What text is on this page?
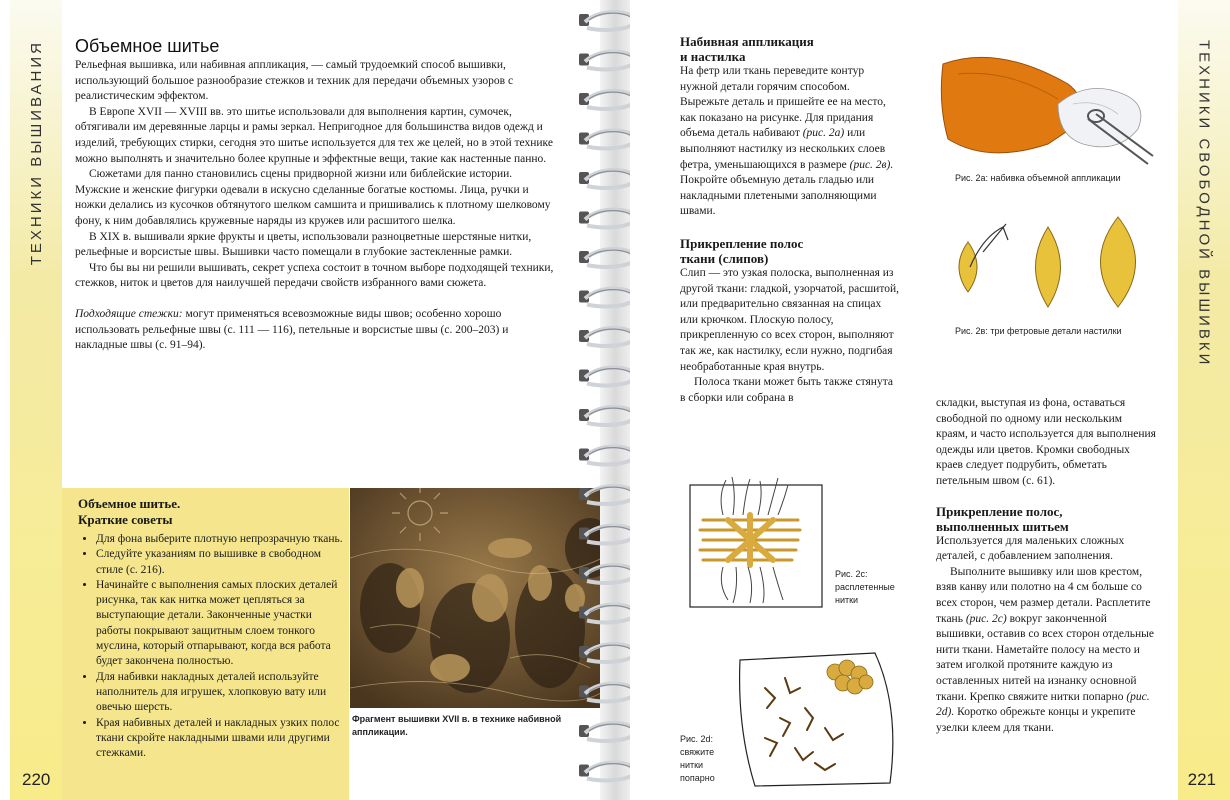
ТЕХНИКИ ВЫШИВАНИЯ
220
Объемное шитье

Рельефная вышивка, или набивная аппликация, — самый трудоемкий способ вышивки, использующий большое разнообразие стежков и техник для передачи объемных узоров с реалистическим эффектом.

В Европе XVII — XVIII вв. это шитье использовали для выполнения картин, сумочек, обтягивали им деревянные ларцы и рамы зеркал. Непригодное для большинства видов одежд и изделий, требующих стирки, сегодня это шитье используется для тех же целей, но в этой технике можно выполнять и значительно более крупные и эффектные вещи, такие как настенные панно.

Сюжетами для панно становились сцены придворной жизни или библейские истории. Мужские и женские фигурки одевали в искусно сделанные богатые костюмы. Лица, ручки и ножки делались из кусочков обтянутого шелком самшита и пришивались к плотному шелковому фону, к ним добавлялись кружевные наряды из кружев или расшитого шелка.

В XIX в. вышивали яркие фрукты и цветы, использовали разноцветные шерстяные нитки, рельефные и ворсистые швы. Вышивки часто помещали в глубокие застекленные рамки.

Что бы вы ни решили вышивать, секрет успеха состоит в точном выборе подходящей техники, стежков, ниток и цветов для наилучшей передачи свойств избранного вами сюжета.

Подходящие стежки: могут применяться всевозможные виды швов; особенно хорошо использовать рельефные швы (с. 111 — 116), петельные и ворсистые швы (с. 200–203) и накладные швы (с. 91–94).

Объемное шитье.
Краткие советы
• Для фона выберите плотную непрозрачную ткань.
• Следуйте указаниям по вышивке в свободном стиле (с. 216).
• Начинайте с выполнения самых плоских деталей рисунка, так как нитка может цепляться за выступающие детали. Законченные участки работы покрывают защитным слоем тонкого муслина, который отпарывают, когда вся работа будет закончена полностью.
• Для набивки накладных деталей используйте наполнитель для игрушек, хлопковую вату или овечью шерсть.
• Края набивных деталей и накладных узких полос ткани скройте накладными швами или другими стежками.
Фрагмент вышивки XVII в. в технике набивной аппликации.
ТЕХНИКИ СВОБОДНОЙ ВЫШИВКИ
221

Набивная аппликация
и настилка

На фетр или ткань переведите контур нужной детали горячим способом. Вырежьте деталь и пришейте ее на место, как показано на рисунке. Для придания объема деталь набивают (рис. 2а) или выполняют настилку из нескольких слоев фетра, уменьшающихся в размере (рис. 2в). Покройте объемную деталь гладью или накладными плетеными заполняющими швами.

Прикрепление полос
ткани (слипов)

Слип — это узкая полоска, выполненная из другой ткани: гладкой, узорчатой, расшитой, или предварительно связанная на спицах или крючком. Плоскую полосу, прикрепленную со всех сторон, выполняют так же, как настилку, если нужно, подгибая необработанные края внутрь.

Полоса ткани может быть также стянута в сборки или собрана в

Рис. 2с:
расплетенные
нитки
Рис. 2d:
свяжите
нитки
попарно
Рис. 2а: набивка объемной аппликации
Рис. 2в: три фетровые детали настилки

складки, выступая из фона, оставаться свободной по одному или нескольким краям, и часто используется для выполнения одежды или цветов. Кромки свободных краев следует подрубить, обметать петельным швом (с. 61).

Прикрепление полос,
выполненных шитьем

Используется для маленьких сложных деталей, с добавлением заполнения.

Выполните вышивку или шов крестом, взяв канву или полотно на 4 см больше со всех сторон, чем размер детали. Расплетите ткань (рис. 2с) вокруг законченной вышивки, оставив со всех сторон отдельные нити ткани. Наметайте полосу на место и затем иголкой протяните каждую из оставленных нитей на изнанку основной ткани. Крепко свяжите нитки попарно (рис. 2d). Коротко обрежьте концы и укрепите узелки клеем для ткани.
